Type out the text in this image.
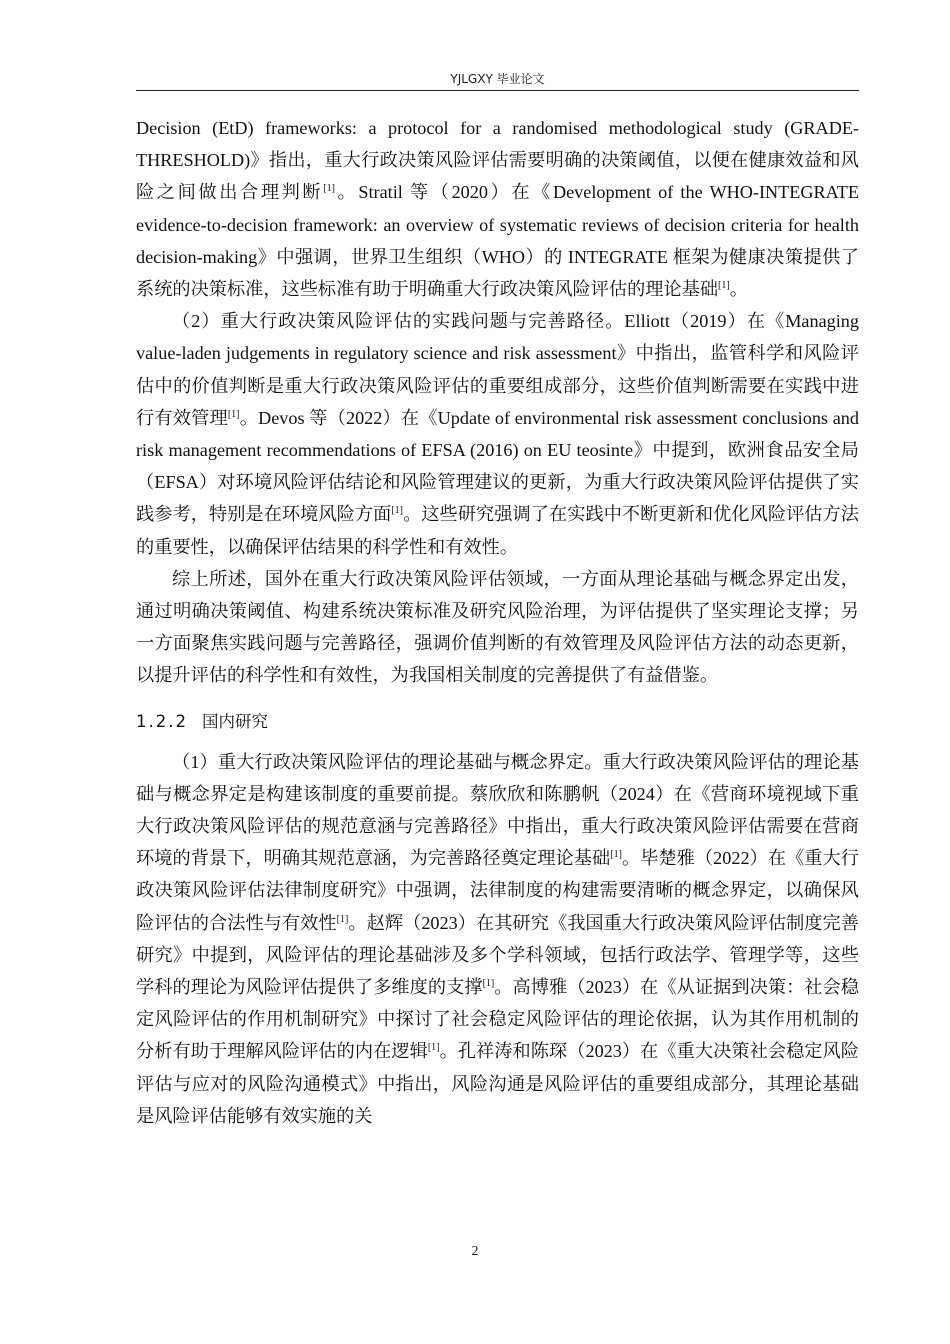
YJLGXY 毕业论文

Decision (EtD) frameworks: a protocol for a randomised methodological study (GRADE-THRESHOLD)》指出，重大行政决策风险评估需要明确的决策阈值，以便在健康效益和风险之间做出合理判断[1]。Stratil 等（2020）在《Development of the WHO-INTEGRATE evidence-to-decision framework: an overview of systematic reviews of decision criteria for health decision-making》中强调，世界卫生组织（WHO）的 INTEGRATE 框架为健康决策提供了系统的决策标准，这些标准有助于明确重大行政决策风险评估的理论基础[1]。

（2）重大行政决策风险评估的实践问题与完善路径。Elliott（2019）在《Managing value-laden judgements in regulatory science and risk assessment》中指出，监管科学和风险评估中的价值判断是重大行政决策风险评估的重要组成部分，这些价值判断需要在实践中进行有效管理[1]。Devos 等（2022）在《Update of environmental risk assessment conclusions and risk management recommendations of EFSA (2016) on EU teosinte》中提到，欧洲食品安全局（EFSA）对环境风险评估结论和风险管理建议的更新，为重大行政决策风险评估提供了实践参考，特别是在环境风险方面[1]。这些研究强调了在实践中不断更新和优化风险评估方法的重要性，以确保评估结果的科学性和有效性。

综上所述，国外在重大行政决策风险评估领域，一方面从理论基础与概念界定出发，通过明确决策阈值、构建系统决策标准及研究风险治理，为评估提供了坚实理论支撑；另一方面聚焦实践问题与完善路径，强调价值判断的有效管理及风险评估方法的动态更新，以提升评估的科学性和有效性，为我国相关制度的完善提供了有益借鉴。

1.2.2 国内研究

（1）重大行政决策风险评估的理论基础与概念界定。重大行政决策风险评估的理论基础与概念界定是构建该制度的重要前提。蔡欣欣和陈鹏帆（2024）在《营商环境视域下重大行政决策风险评估的规范意涵与完善路径》中指出，重大行政决策风险评估需要在营商环境的背景下，明确其规范意涵，为完善路径奠定理论基础[1]。毕楚雅（2022）在《重大行政决策风险评估法律制度研究》中强调，法律制度的构建需要清晰的概念界定，以确保风险评估的合法性与有效性[1]。赵辉（2023）在其研究《我国重大行政决策风险评估制度完善研究》中提到，风险评估的理论基础涉及多个学科领域，包括行政法学、管理学等，这些学科的理论为风险评估提供了多维度的支撑[1]。高博雅（2023）在《从证据到决策：社会稳定风险评估的作用机制研究》中探讨了社会稳定风险评估的理论依据，认为其作用机制的分析有助于理解风险评估的内在逻辑[1]。孔祥涛和陈琛（2023）在《重大决策社会稳定风险评估与应对的风险沟通模式》中指出，风险沟通是风险评估的重要组成部分，其理论基础是风险评估能够有效实施的关

2
